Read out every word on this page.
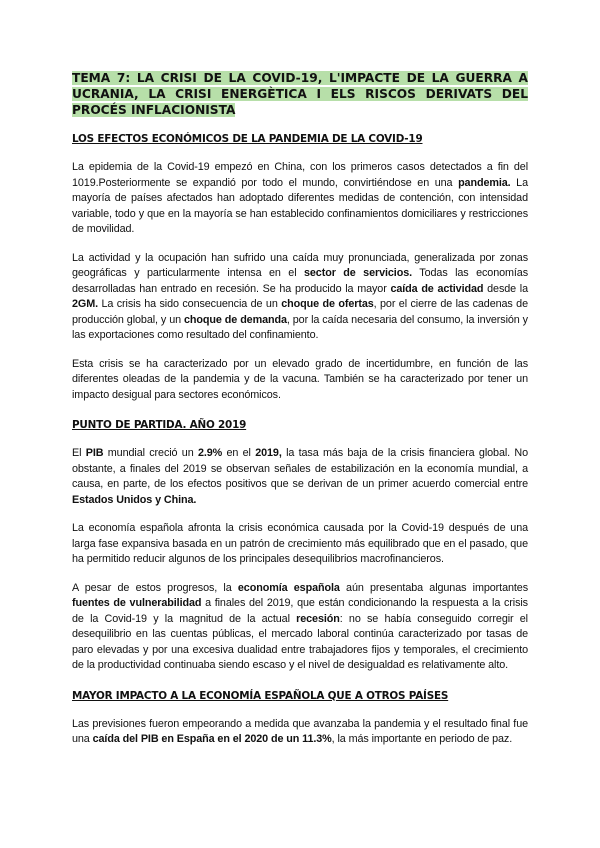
TEMA 7: LA CRISI DE LA COVID-19, L'IMPACTE DE LA GUERRA A UCRANIA, LA CRISI ENERGÈTICA I ELS RISCOS DERIVATS DEL PROCÉS INFLACIONISTA
LOS EFECTOS ECONÓMICOS DE LA PANDEMIA DE LA COVID-19

La epidemia de la Covid-19 empezó en China, con los primeros casos detectados a fin del 1019.Posteriormente se expandió por todo el mundo, convirtiéndose en una pandemia. La mayoría de países afectados han adoptado diferentes medidas de contención, con intensidad variable, todo y que en la mayoría se han establecido confinamientos domiciliares y restricciones de movilidad.

La actividad y la ocupación han sufrido una caída muy pronunciada, generalizada por zonas geográficas y particularmente intensa en el sector de servicios. Todas las economías desarrolladas han entrado en recesión. Se ha producido la mayor caída de actividad desde la 2GM. La crisis ha sido consecuencia de un choque de ofertas, por el cierre de las cadenas de producción global, y un choque de demanda, por la caída necesaria del consumo, la inversión y las exportaciones como resultado del confinamiento.

Esta crisis se ha caracterizado por un elevado grado de incertidumbre, en función de las diferentes oleadas de la pandemia y de la vacuna. También se ha caracterizado por tener un impacto desigual para sectores económicos.

PUNTO DE PARTIDA. AÑO 2019

El PIB mundial creció un 2.9% en el 2019, la tasa más baja de la crisis financiera global. No obstante, a finales del 2019 se observan señales de estabilización en la economía mundial, a causa, en parte, de los efectos positivos que se derivan de un primer acuerdo comercial entre Estados Unidos y China.

La economía española afronta la crisis económica causada por la Covid-19 después de una larga fase expansiva basada en un patrón de crecimiento más equilibrado que en el pasado, que ha permitido reducir algunos de los principales desequilibrios macrofinancieros.

A pesar de estos progresos, la economía española aún presentaba algunas importantes fuentes de vulnerabilidad a finales del 2019, que están condicionando la respuesta a la crisis de la Covid-19 y la magnitud de la actual recesión: no se había conseguido corregir el desequilibrio en las cuentas públicas, el mercado laboral continúa caracterizado por tasas de paro elevadas y por una excesiva dualidad entre trabajadores fijos y temporales, el crecimiento de la productividad continuaba siendo escaso y el nivel de desigualdad es relativamente alto.

MAYOR IMPACTO A LA ECONOMÍA ESPAÑOLA QUE A OTROS PAÍSES

Las previsiones fueron empeorando a medida que avanzaba la pandemia y el resultado final fue una caída del PIB en España en el 2020 de un 11.3%, la más importante en periodo de paz.
